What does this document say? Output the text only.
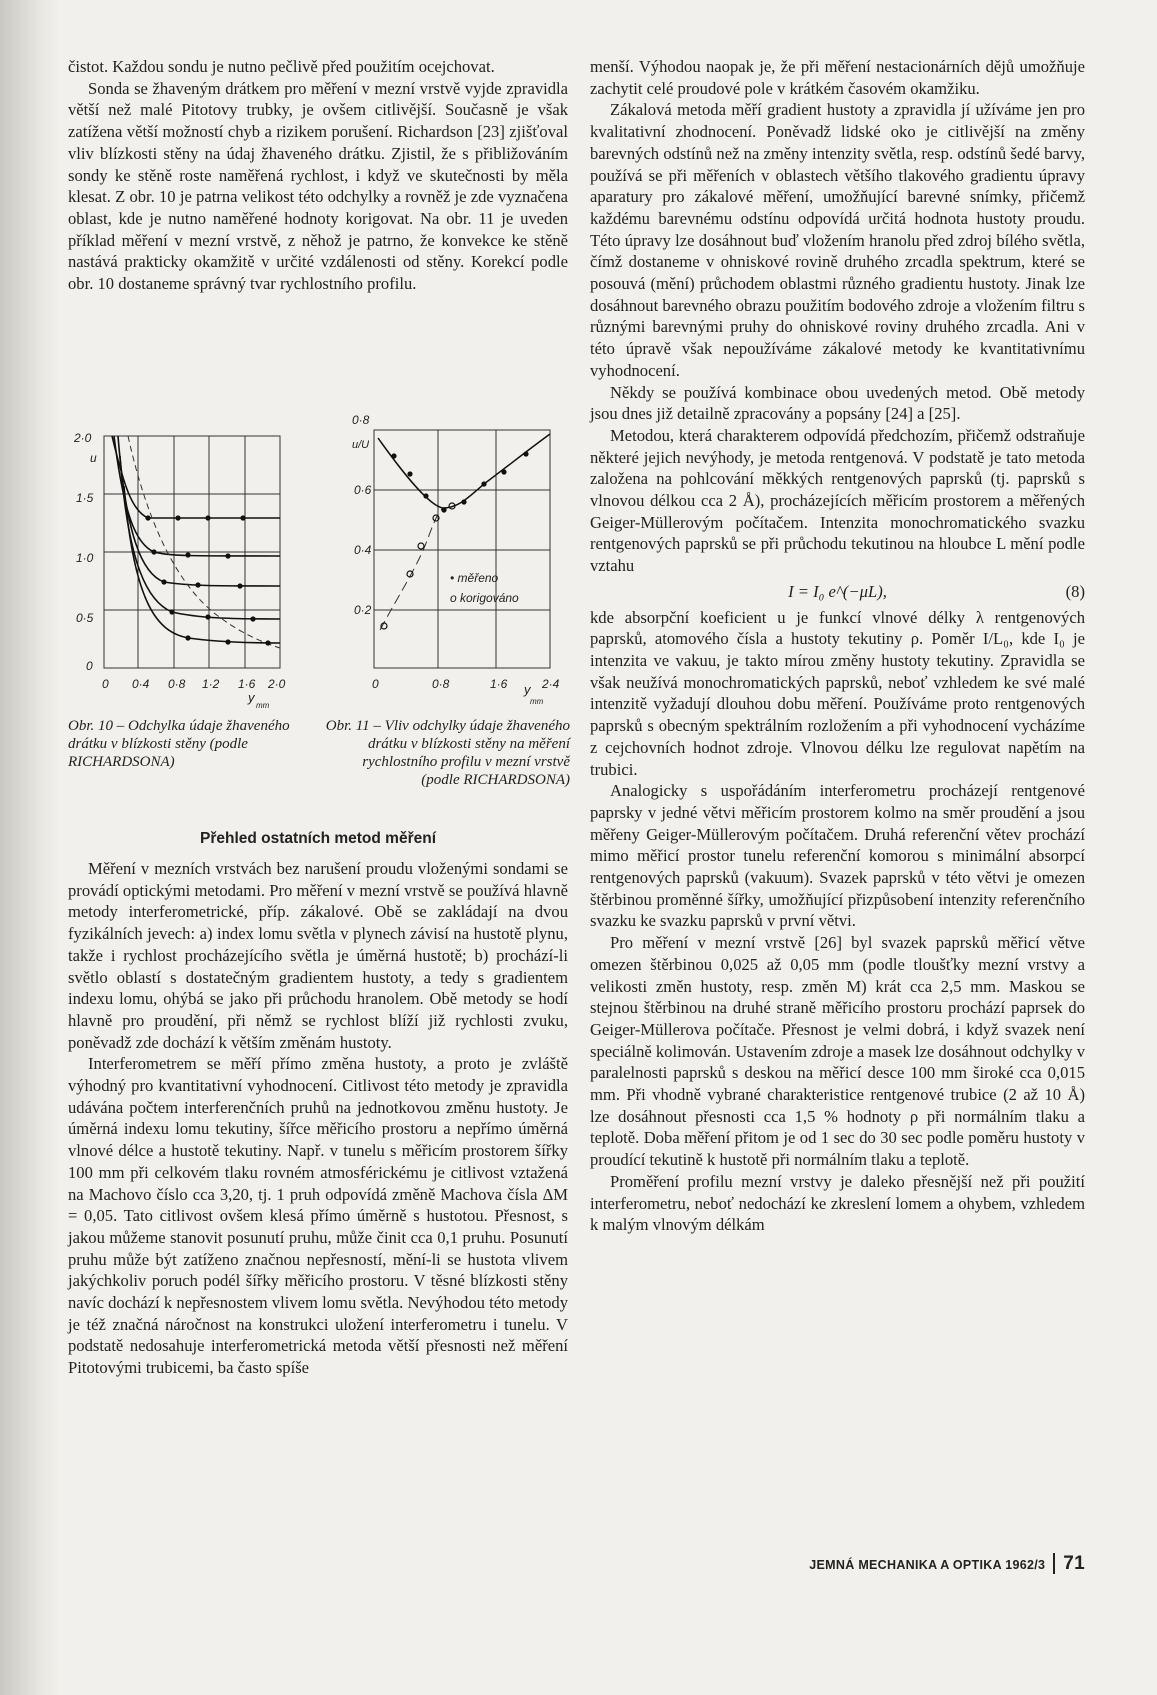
čistot. Každou sondu je nutno pečlivě před použitím ocejchovat.

Sonda se žhaveným drátkem pro měření v mezní vrstvě vyjde zpravidla větší než malé Pitotovy trubky, je ovšem citlivější. Současně je však zatížena větší možností chyb a rizikem porušení. Richardson [23] zjišťoval vliv blízkosti stěny na údaj žhaveného drátku. Zjistil, že s přibližováním sondy ke stěně roste naměřená rychlost, i když ve skutečnosti by měla klesat. Z obr. 10 je patrna velikost této odchylky a rovněž je zde vyznačena oblast, kde je nutno naměřené hodnoty korigovat. Na obr. 11 je uveden příklad měření v mezní vrstvě, z něhož je patrno, že konvekce ke stěně nastává prakticky okamžitě v určité vzdálenosti od stěny. Korekcí podle obr. 10 dostaneme správný tvar rychlostního profilu.

2·0
u
1·5
1·0
0·5
0
0 0·4 0·8 1·2 1·6 2·0
y
mm
0·8
u/U
0·6
0·4
0·2
• měřeno
o korigováno
0	0·8	1·6	2·4
y
mm
Obr. 10 – Odchylka údaje žhaveného drátku v blízkosti stěny (podle RICHARDSONA)
Obr. 11 – Vliv odchylky údaje žhaveného drátku v blízkosti stěny na měření rychlostního profilu v mezní vrstvě (podle RICHARDSONA)
Přehled ostatních metod měření

Měření v mezních vrstvách bez narušení proudu vloženými sondami se provádí optickými metodami. Pro měření v mezní vrstvě se používá hlavně metody interferometrické, příp. zákalové. Obě se zakládají na dvou fyzikálních jevech: a) index lomu světla v plynech závisí na hustotě plynu, takže i rychlost procházejícího světla je úměrná hustotě; b) prochází-li světlo oblastí s dostatečným gradientem hustoty, a tedy s gradientem indexu lomu, ohýbá se jako při průchodu hranolem. Obě metody se hodí hlavně pro proudění, při němž se rychlost blíží již rychlosti zvuku, poněvadž zde dochází k větším změnám hustoty.

Interferometrem se měří přímo změna hustoty, a proto je zvláště výhodný pro kvantitativní vyhodnocení. Citlivost této metody je zpravidla udávána počtem interferenčních pruhů na jednotkovou změnu hustoty. Je úměrná indexu lomu tekutiny, šířce měřicího prostoru a nepřímo úměrná vlnové délce a hustotě tekutiny. Např. v tunelu s měřicím prostorem šířky 100 mm při celkovém tlaku rovném atmosférickému je citlivost vztažená na Machovo číslo cca 3,20, tj. 1 pruh odpovídá změně Machova čísla ΔM = 0,05. Tato citlivost ovšem klesá přímo úměrně s hustotou. Přesnost, s jakou můžeme stanovit posunutí pruhu, může činit cca 0,1 pruhu. Posunutí pruhu může být zatíženo značnou nepřesností, mění-li se hustota vlivem jakýchkoliv poruch podél šířky měřicího prostoru. V těsné blízkosti stěny navíc dochází k nepřesnostem vlivem lomu světla. Nevýhodou této metody je též značná náročnost na konstrukci uložení interferometru i tunelu. V podstatě nedosahuje interferometrická metoda větší přesnosti než měření Pitotovými trubicemi, ba často spíše

menší. Výhodou naopak je, že při měření nestacionárních dějů umožňuje zachytit celé proudové pole v krátkém časovém okamžiku.

Zákalová metoda měří gradient hustoty a zpravidla jí užíváme jen pro kvalitativní zhodnocení. Poněvadž lidské oko je citlivější na změny barevných odstínů než na změny intenzity světla, resp. odstínů šedé barvy, používá se při měřeních v oblastech většího tlakového gradientu úpravy aparatury pro zákalové měření, umožňující barevné snímky, přičemž každému barevnému odstínu odpovídá určitá hodnota hustoty proudu. Této úpravy lze dosáhnout buď vložením hranolu před zdroj bílého světla, čímž dostaneme v ohniskové rovině druhého zrcadla spektrum, které se posouvá (mění) průchodem oblastmi různého gradientu hustoty. Jinak lze dosáhnout barevného obrazu použitím bodového zdroje a vložením filtru s různými barevnými pruhy do ohniskové roviny druhého zrcadla. Ani v této úpravě však nepoužíváme zákalové metody ke kvantitativnímu vyhodnocení.

Někdy se používá kombinace obou uvedených metod. Obě metody jsou dnes již detailně zpracovány a popsány [24] a [25].

Metodou, která charakterem odpovídá předchozím, přičemž odstraňuje některé jejich nevýhody, je metoda rentgenová. V podstatě je tato metoda založena na pohlcování měkkých rentgenových paprsků (tj. paprsků s vlnovou délkou cca 2 Å), procházejících měřicím prostorem a měřených Geiger-Müllerovým počítačem. Intenzita monochromatického svazku rentgenových paprsků se při průchodu tekutinou na hloubce L mění podle vztahu

I = I₀ e^(−μL),	(8)

kde absorpční koeficient u je funkcí vlnové délky λ rentgenových paprsků, atomového čísla a hustoty tekutiny ρ. Poměr I/L₀, kde I₀ je intenzita ve vakuu, je takto mírou změny hustoty tekutiny. Zpravidla se však neužívá monochromatických paprsků, neboť vzhledem ke své malé intenzitě vyžadují dlouhou dobu měření. Používáme proto rentgenových paprsků s obecným spektrálním rozložením a při vyhodnocení vycházíme z cejchovních hodnot zdroje. Vlnovou délku lze regulovat napětím na trubici.

Analogicky s uspořádáním interferometru procházejí rentgenové paprsky v jedné větvi měřicím prostorem kolmo na směr proudění a jsou měřeny Geiger-Müllerovým počítačem. Druhá referenční větev prochází mimo měřicí prostor tunelu referenční komorou s minimální absorpcí rentgenových paprsků (vakuum). Svazek paprsků v této větvi je omezen štěrbinou proměnné šířky, umožňující přizpůsobení intenzity referenčního svazku ke svazku paprsků v první větvi.

Pro měření v mezní vrstvě [26] byl svazek paprsků měřicí větve omezen štěrbinou 0,025 až 0,05 mm (podle tloušťky mezní vrstvy a velikosti změn hustoty, resp. změn M) krát cca 2,5 mm. Maskou se stejnou štěrbinou na druhé straně měřicího prostoru prochází paprsek do Geiger-Müllerova počítače. Přesnost je velmi dobrá, i když svazek není speciálně kolimován. Ustavením zdroje a masek lze dosáhnout odchylky v paralelnosti paprsků s deskou na měřicí desce 100 mm široké cca 0,015 mm. Při vhodně vybrané charakteristice rentgenové trubice (2 až 10 Å) lze dosáhnout přesnosti cca 1,5 % hodnoty ρ při normálním tlaku a teplotě. Doba měření přitom je od 1 sec do 30 sec podle poměru hustoty v proudící tekutině k hustotě při normálním tlaku a teplotě.

Proměření profilu mezní vrstvy je daleko přesnější než při použití interferometru, neboť nedochází ke zkreslení lomem a ohybem, vzhledem k malým vlnovým délkám

JEMNÁ MECHANIKA A OPTIKA 1962/3 71
